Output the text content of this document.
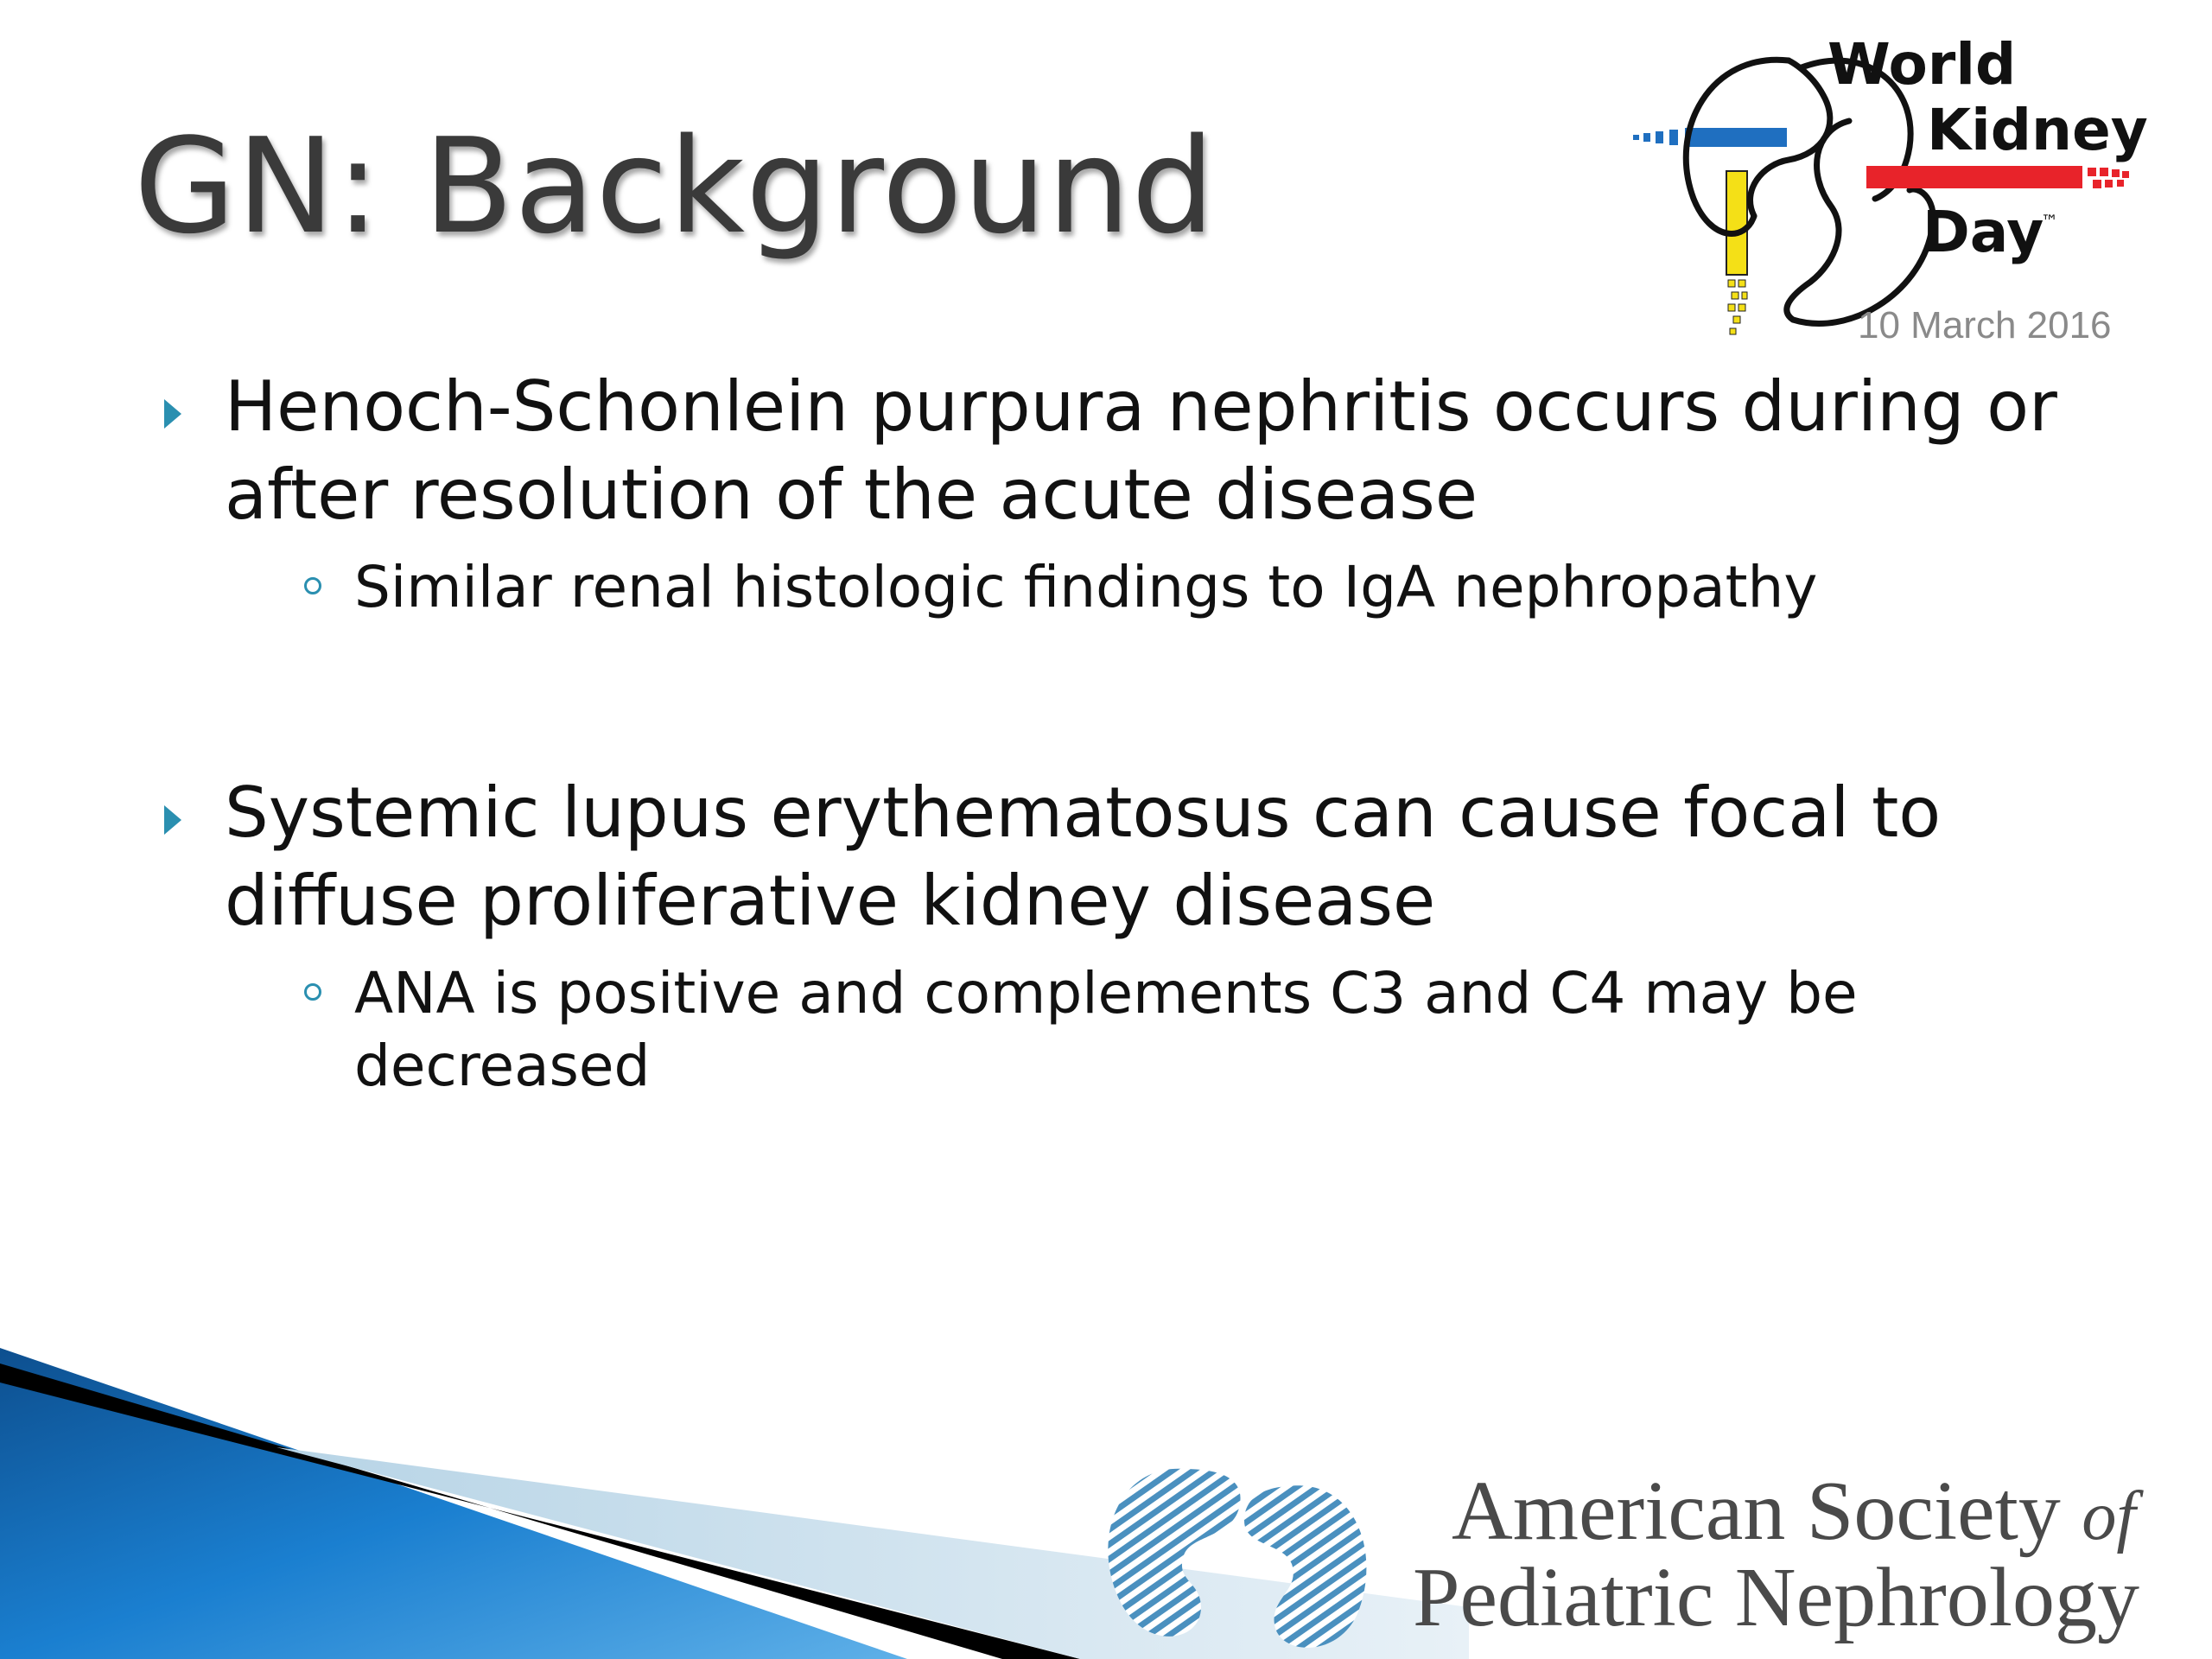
GN: Background
World
Kidney
Day
™
10 March 2016
Henoch-Schonlein purpura nephritis occurs during or after resolution of the acute disease
Similar renal histologic findings to IgA nephropathy
Systemic lupus erythematosus can cause focal to diffuse proliferative kidney disease
ANA is positive and complements C3 and C4 may be decreased
American Society of
Pediatric Nephrology
